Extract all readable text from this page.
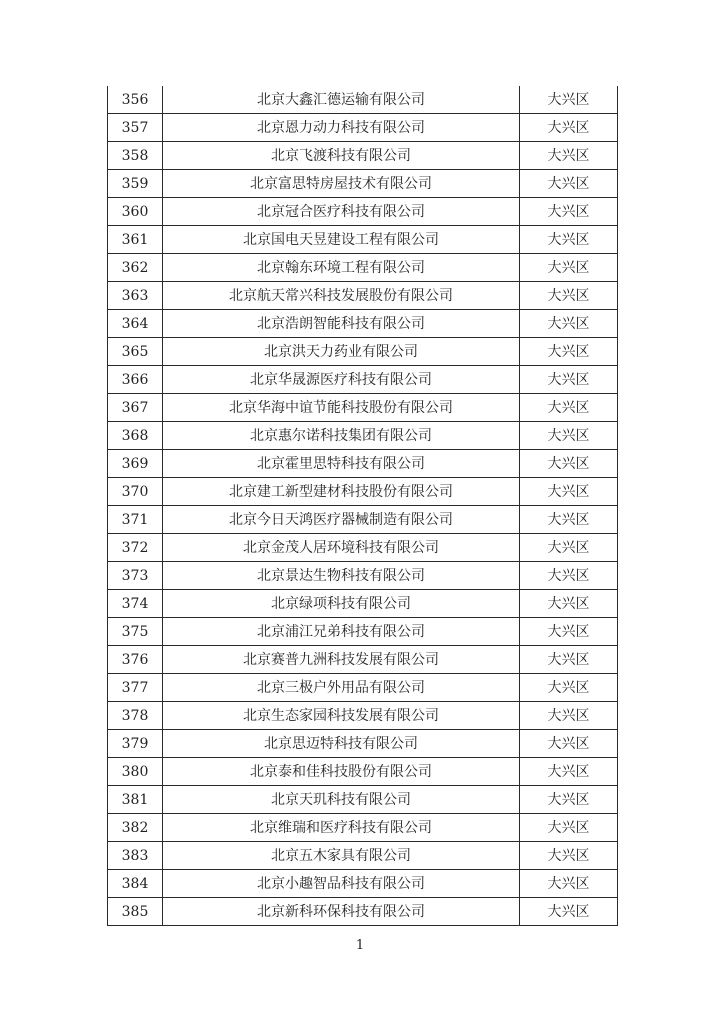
356	北京大鑫汇德运输有限公司	大兴区
357	北京恩力动力科技有限公司	大兴区
358	北京飞渡科技有限公司	大兴区
359	北京富思特房屋技术有限公司	大兴区
360	北京冠合医疗科技有限公司	大兴区
361	北京国电天昱建设工程有限公司	大兴区
362	北京翰东环境工程有限公司	大兴区
363	北京航天常兴科技发展股份有限公司	大兴区
364	北京浩朗智能科技有限公司	大兴区
365	北京洪天力药业有限公司	大兴区
366	北京华晟源医疗科技有限公司	大兴区
367	北京华海中谊节能科技股份有限公司	大兴区
368	北京惠尔诺科技集团有限公司	大兴区
369	北京霍里思特科技有限公司	大兴区
370	北京建工新型建材科技股份有限公司	大兴区
371	北京今日天鸿医疗器械制造有限公司	大兴区
372	北京金茂人居环境科技有限公司	大兴区
373	北京景达生物科技有限公司	大兴区
374	北京绿项科技有限公司	大兴区
375	北京浦江兄弟科技有限公司	大兴区
376	北京赛普九洲科技发展有限公司	大兴区
377	北京三极户外用品有限公司	大兴区
378	北京生态家园科技发展有限公司	大兴区
379	北京思迈特科技有限公司	大兴区
380	北京泰和佳科技股份有限公司	大兴区
381	北京天玑科技有限公司	大兴区
382	北京维瑞和医疗科技有限公司	大兴区
383	北京五木家具有限公司	大兴区
384	北京小趣智品科技有限公司	大兴区
385	北京新科环保科技有限公司	大兴区
1
